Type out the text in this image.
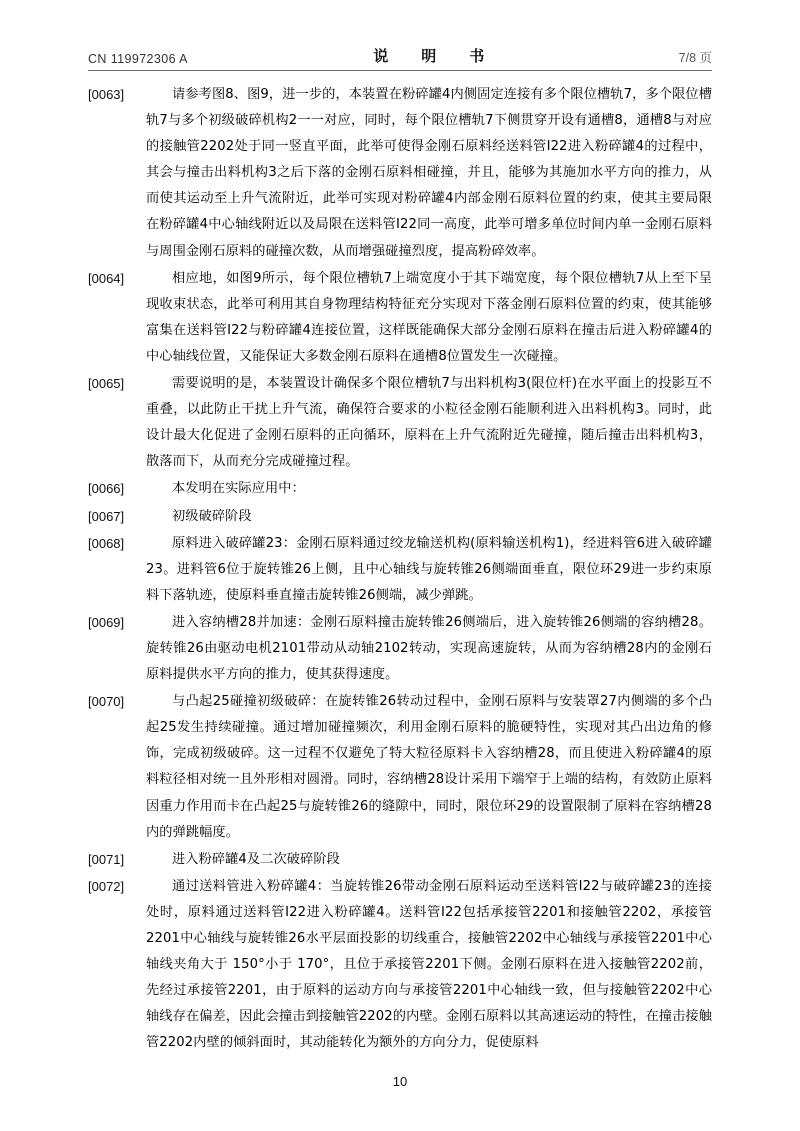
CN 119972306 A	说　明　书	7/8 页
[0063]	请参考图8、图9，进一步的，本装置在粉碎罐4内侧固定连接有多个限位槽轨7，多个限位槽轨7与多个初级破碎机构2一一对应，同时，每个限位槽轨7下侧贯穿开设有通槽8，通槽8与对应的接触管2202处于同一竖直平面，此举可使得金刚石原料经送料管I22进入粉碎罐4的过程中，其会与撞击出料机构3之后下落的金刚石原料相碰撞，并且，能够为其施加水平方向的推力，从而使其运动至上升气流附近，此举可实现对粉碎罐4内部金刚石原料位置的约束，使其主要局限在粉碎罐4中心轴线附近以及局限在送料管I22同一高度，此举可增多单位时间内单一金刚石原料与周围金刚石原料的碰撞次数，从而增强碰撞烈度，提高粉碎效率。
[0064]	相应地，如图9所示，每个限位槽轨7上端宽度小于其下端宽度，每个限位槽轨7从上至下呈现收束状态，此举可利用其自身物理结构特征充分实现对下落金刚石原料位置的约束，使其能够富集在送料管I22与粉碎罐4连接位置，这样既能确保大部分金刚石原料在撞击后进入粉碎罐4的中心轴线位置，又能保证大多数金刚石原料在通槽8位置发生一次碰撞。
[0065]	需要说明的是，本装置设计确保多个限位槽轨7与出料机构3(限位杆)在水平面上的投影互不重叠，以此防止干扰上升气流，确保符合要求的小粒径金刚石能顺利进入出料机构3。同时，此设计最大化促进了金刚石原料的正向循环，原料在上升气流附近先碰撞，随后撞击出料机构3，散落而下，从而充分完成碰撞过程。
[0066]	本发明在实际应用中：
[0067]	初级破碎阶段
[0068]	原料进入破碎罐23：金刚石原料通过绞龙输送机构(原料输送机构1)，经进料管6进入破碎罐23。进料管6位于旋转锥26上侧，且中心轴线与旋转锥26侧端面垂直，限位环29进一步约束原料下落轨迹，使原料垂直撞击旋转锥26侧端，减少弹跳。
[0069]	进入容纳槽28并加速：金刚石原料撞击旋转锥26侧端后，进入旋转锥26侧端的容纳槽28。旋转锥26由驱动电机2101带动从动轴2102转动，实现高速旋转，从而为容纳槽28内的金刚石原料提供水平方向的推力，使其获得速度。
[0070]	与凸起25碰撞初级破碎：在旋转锥26转动过程中，金刚石原料与安装罩27内侧端的多个凸起25发生持续碰撞。通过增加碰撞频次，利用金刚石原料的脆硬特性，实现对其凸出边角的修饰，完成初级破碎。这一过程不仅避免了特大粒径原料卡入容纳槽28，而且使进入粉碎罐4的原料粒径相对统一且外形相对圆滑。同时，容纳槽28设计采用下端窄于上端的结构，有效防止原料因重力作用而卡在凸起25与旋转锥26的缝隙中，同时，限位环29的设置限制了原料在容纳槽28内的弹跳幅度。
[0071]	进入粉碎罐4及二次破碎阶段
[0072]	通过送料管进入粉碎罐4：当旋转锥26带动金刚石原料运动至送料管I22与破碎罐23的连接处时，原料通过送料管I22进入粉碎罐4。送料管I22包括承接管2201和接触管2202，承接管2201中心轴线与旋转锥26水平层面投影的切线重合，接触管2202中心轴线与承接管2201中心轴线夹角大于 150°小于 170°，且位于承接管2201下侧。金刚石原料在进入接触管2202前，先经过承接管2201，由于原料的运动方向与承接管2201中心轴线一致，但与接触管2202中心轴线存在偏差，因此会撞击到接触管2202的内壁。金刚石原料以其高速运动的特性，在撞击接触管2202内壁的倾斜面时，其动能转化为额外的方向分力，促使原料
10
